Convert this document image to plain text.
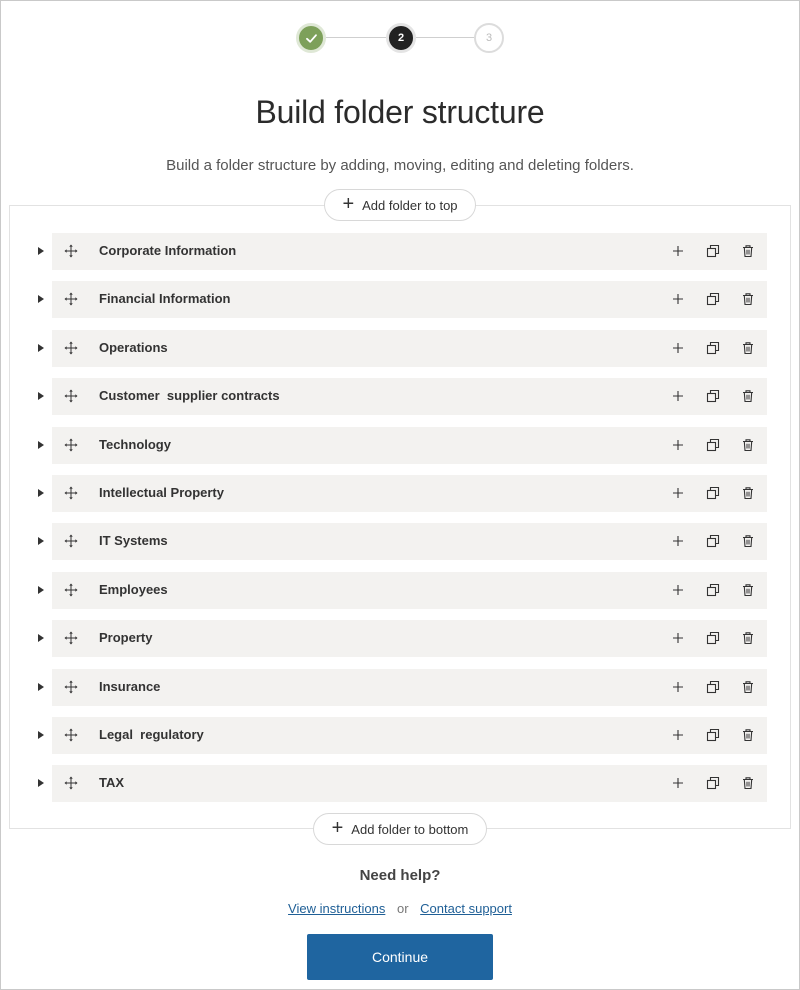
2	3
Build folder structure

Build a folder structure by adding, moving, editing and deleting folders.

+ Add folder to top
Corporate Information
Financial Information
Operations
Customer  supplier contracts
Technology
Intellectual Property
IT Systems
Employees
Property
Insurance
Legal  regulatory
TAX
+ Add folder to bottom
Need help?
View instructions or Contact support
Continue
